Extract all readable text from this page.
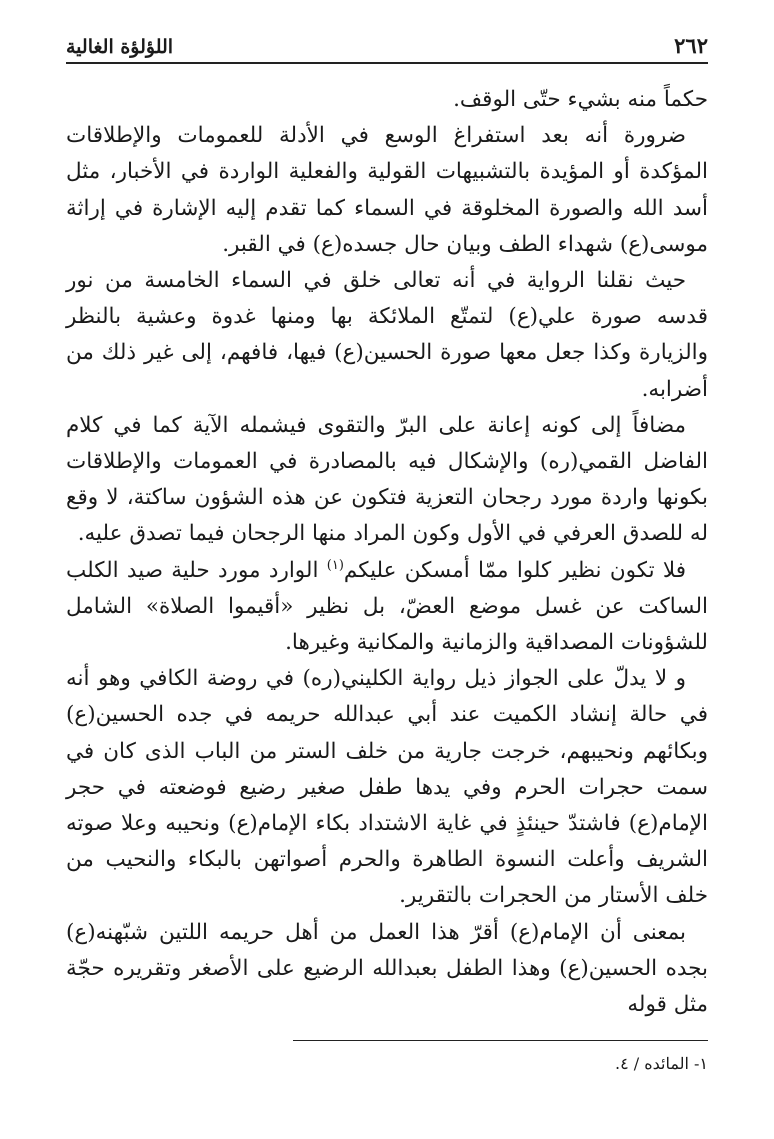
٢٦٢
اللؤلؤة الغالية

حكماً منه بشيء حتّى الوقف.

ضرورة أنه بعد استفراغ الوسع في الأدلة للعمومات والإطلاقات المؤكدة أو المؤيدة بالتشبيهات القولية والفعلية الواردة في الأخبار، مثل أسد الله والصورة المخلوقة في السماء كما تقدم إليه الإشارة في إراثة موسى(ع) شهداء الطف وبيان حال جسده(ع) في القبر.

حيث نقلنا الرواية في أنه تعالى خلق في السماء الخامسة من نور قدسه صورة علي(ع) لتمتّع الملائكة بها ومنها غدوة وعشية بالنظر والزيارة وكذا جعل معها صورة الحسين(ع) فيها، فافهم، إلى غير ذلك من أضرابه.

مضافاً إلى كونه إعانة على البرّ والتقوى فيشمله الآية كما في كلام الفاضل القمي(ره) والإشكال فيه بالمصادرة في العمومات والإطلاقات بكونها واردة مورد رجحان التعزية فتكون عن هذه الشؤون ساكتة، لا وقع له للصدق العرفي في الأول وكون المراد منها الرجحان فيما تصدق عليه.

فلا تكون نظير كلوا ممّا أمسكن عليكم$^{(١)}$ الوارد مورد حلية صيد الكلب الساكت عن غسل موضع العضّ، بل نظير «أقيموا الصلاة» الشامل للشؤونات المصداقية والزمانية والمكانية وغيرها.

و لا يدلّ على الجواز ذيل رواية الكليني(ره) في روضة الكافي وهو أنه في حالة إنشاد الكميت عند أبي عبدالله حريمه في جده الحسين(ع) وبكائهم ونحيبهم، خرجت جارية من خلف الستر من الباب الذى كان في سمت حجرات الحرم وفي يدها طفل صغير رضيع فوضعته في حجر الإمام(ع) فاشتدّ حينئذٍ في غاية الاشتداد بكاء الإمام(ع) ونحيبه وعلا صوته الشريف وأعلت النسوة الطاهرة والحرم أصواتهن بالبكاء والنحيب من خلف الأستار من الحجرات بالتقرير.

بمعنى أن الإمام(ع) أقرّ هذا العمل من أهل حريمه اللتين شبّهنه(ع) بجده الحسين(ع) وهذا الطفل بعبدالله الرضيع على الأصغر وتقريره حجّة مثل قوله

١- المائده / ٤.
